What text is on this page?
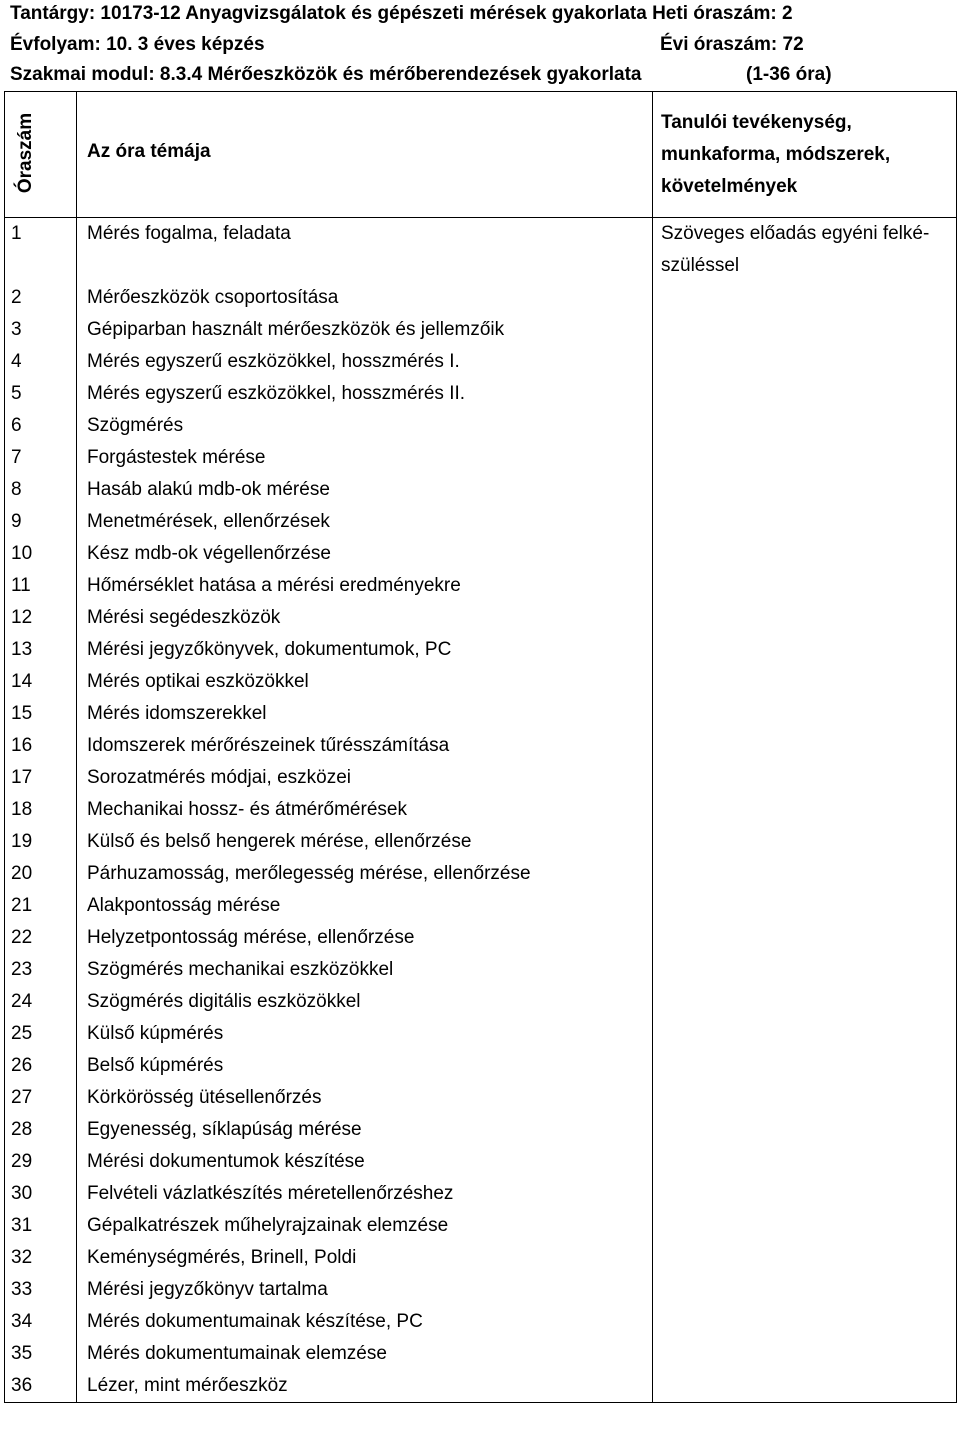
Tantárgy: 10173-12 Anyagvizsgálatok és gépészeti mérések gyakorlata Heti óraszám: 2
Évfolyam: 10. 3 éves képzés	Évi óraszám: 72
Szakmai modul: 8.3.4 Mérőeszközök és mérőberendezések gyakorlata	(1-36 óra)
Óraszám	Az óra témája	Tanulói tevékenység, munkaforma, módszerek, követelmények
1	Mérés fogalma, feladata	Szöveges előadás egyéni felké-szüléssel
2	Mérőeszközök csoportosítása	
3	Gépiparban használt mérőeszközök és jellemzőik	
4	Mérés egyszerű eszközökkel, hosszmérés I.	
5	Mérés egyszerű eszközökkel, hosszmérés II.	
6	Szögmérés	
7	Forgástestek mérése	
8	Hasáb alakú mdb-ok mérése	
9	Menetmérések, ellenőrzések	
10	Kész mdb-ok végellenőrzése	
11	Hőmérséklet hatása a mérési eredményekre	
12	Mérési segédeszközök	
13	Mérési jegyzőkönyvek, dokumentumok, PC	
14	Mérés optikai eszközökkel	
15	Mérés idomszerekkel	
16	Idomszerek mérőrészeinek tűrésszámítása	
17	Sorozatmérés módjai, eszközei	
18	Mechanikai hossz- és átmérőmérések	
19	Külső és belső hengerek mérése, ellenőrzése	
20	Párhuzamosság, merőlegesség mérése, ellenőrzése	
21	Alakpontosság mérése	
22	Helyzetpontosság mérése, ellenőrzése	
23	Szögmérés mechanikai eszközökkel	
24	Szögmérés digitális eszközökkel	
25	Külső kúpmérés	
26	Belső kúpmérés	
27	Körkörösség ütésellenőrzés	
28	Egyenesség, síklapúság mérése	
29	Mérési dokumentumok készítése	
30	Felvételi vázlatkészítés méretellenőrzéshez	
31	Gépalkatrészek műhelyrajzainak elemzése	
32	Keménységmérés, Brinell, Poldi	
33	Mérési jegyzőkönyv tartalma	
34	Mérés dokumentumainak készítése, PC	
35	Mérés dokumentumainak elemzése	
36	Lézer, mint mérőeszköz	
